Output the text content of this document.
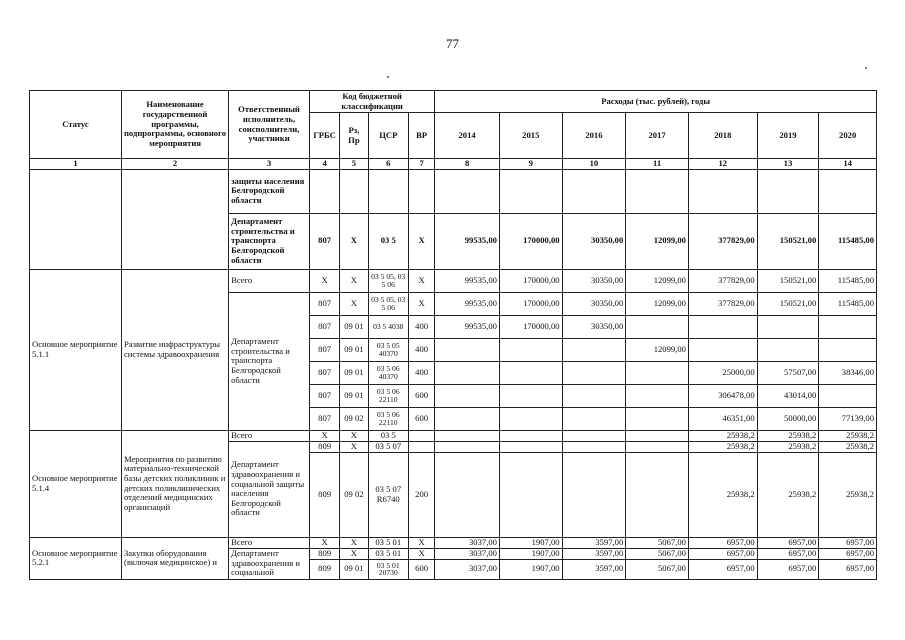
77
Статус	Наименование государственной программы, подпрограммы, основного мероприятия	Ответственный исполнитель, соисполнители, участники	Код бюджетной классификации				Расходы (тыс. рублей), годы						
			ГРБС	Рз, Пр	ЦСР	ВР	2014	2015	2016	2017	2018	2019	2020
1	2	3	4	5	6	7	8	9	10	11	12	13	14
		защиты населения Белгородской области											
		Департамент строительства и транспорта Белгородской области	807	Х	03 5	Х	99535,00	170000,00	30350,00	12099,00	377829,00	150521,00	115485,00
Основное мероприятие 5.1.1	Развитие инфраструктуры системы здравоохранения	Всего	Х	Х	03 5 05, 03 5 06	Х	99535,00	170000,00	30350,00	12099,00	377829,00	150521,00	115485,00
		Департамент строительства и транспорта Белгородской области	807	Х	03 5 05, 03 5 06	Х	99535,00	170000,00	30350,00	12099,00	377829,00	150521,00	115485,00
			807	09 01	03 5 4038	400	99535,00	170000,00	30350,00				
			807	09 01	03 5 05 40370	400				12099,00			
			807	09 01	03 5 06 40370	400					25000,00	57507,00	38346,00
			807	09 01	03 5 06 22110	600					306478,00	43014,00	
			807	09 02	03 5 06 22110	600					46351,00	50000,00	77139,00
Основное мероприятие 5.1.4	Мероприятия по развитию материально-технической базы детских поликлиник и детских поликлинических отделений медицинских организаций	Всего	Х	Х	03 5						25938,2	25938,2	25938,2
		Департамент здравоохранения и социальной защиты населения Белгородской области	809	Х	03 5 07						25938,2	25938,2	25938,2
			809	09 02	03 5 07 R6740	200					25938,2	25938,2	25938,2
Основное мероприятие 5.2.1	Закупки оборудования (включая медицинское) и	Всего	Х	Х	03 5 01	Х	3037,00	1907,00	3597,00	5067,00	6957,00	6957,00	6957,00
		Департамент здравоохранения и социальной	809	Х	03 5 01	Х	3037,00	1907,00	3597,00	5067,00	6957,00	6957,00	6957,00
			809	09 01	03 5 01 20730	600	3037,00	1907,00	3597,00	5067,00	6957,00	6957,00	6957,00
